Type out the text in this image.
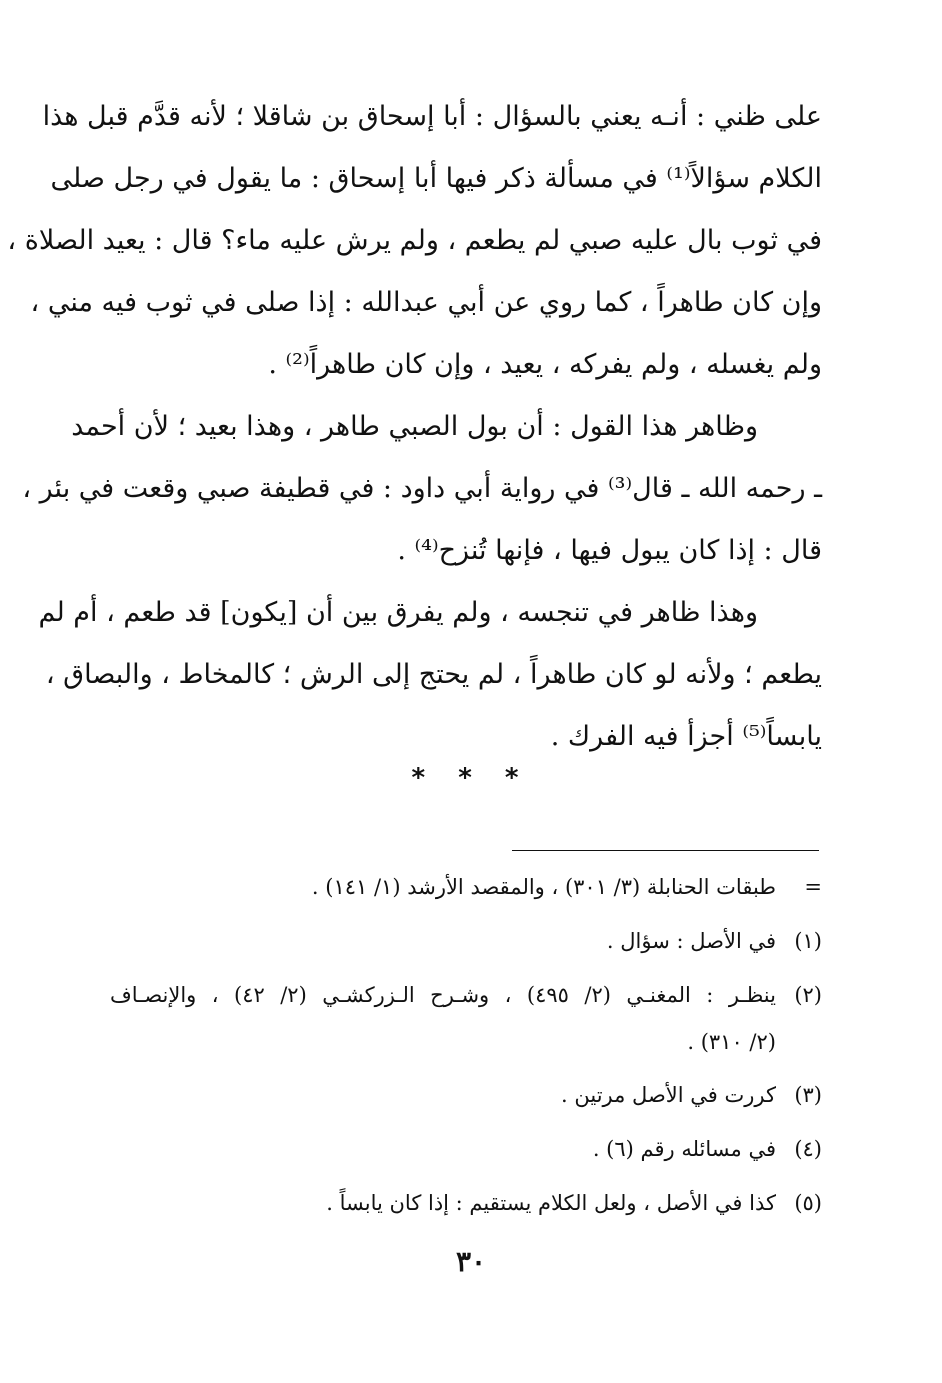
على ظني : أنـه يعني بالسؤال : أبا إسحاق بن شاقلا ؛ لأنه قدَّم قبل هذا
الكلام سؤالاً⁽¹⁾ في مسألة ذكر فيها أبا إسحاق : ما يقول في رجل صلى
في ثوب بال عليه صبي لم يطعم ، ولم يرش عليه ماء؟ قال : يعيد الصلاة ،
وإن كان طاهراً ، كما روي عن أبي عبدالله : إذا صلى في ثوب فيه مني ،
ولم يغسله ، ولم يفركه ، يعيد ، وإن كان طاهراً⁽²⁾ .
وظاهر هذا القول : أن بول الصبي طاهر ، وهذا بعيد ؛ لأن أحمد
ـ رحمه الله ـ قال⁽³⁾ في رواية أبي داود : في قطيفة صبي وقعت في بئر ،
قال : إذا كان يبول فيها ، فإنها تُنزح⁽⁴⁾ .
وهذا ظاهر في تنجسه ، ولم يفرق بين أن [يكون] قد طعم ، أم لم
يطعم ؛ ولأنه لو كان طاهراً ، لم يحتج إلى الرش ؛ كالمخاط ، والبصاق ،
يابساً⁽⁵⁾ أجزأ فيه الفرك .
* * *
=
طبقات الحنابلة (٣/ ٣٠١) ، والمقصد الأرشد (١/ ١٤١) .
(١)
في الأصل : سؤال .
(٢)
ينظـر : المغنـي (٢/ ٤٩٥) ، وشـرح الـزركشـي (٢/ ٤٢) ، والإنصـاف
(٢/ ٣١٠) .
(٣)
كررت في الأصل مرتين .
(٤)
في مسائله رقم (٦) .
(٥)
كذا في الأصل ، ولعل الكلام يستقيم : إذا كان يابساً .
٣٠
